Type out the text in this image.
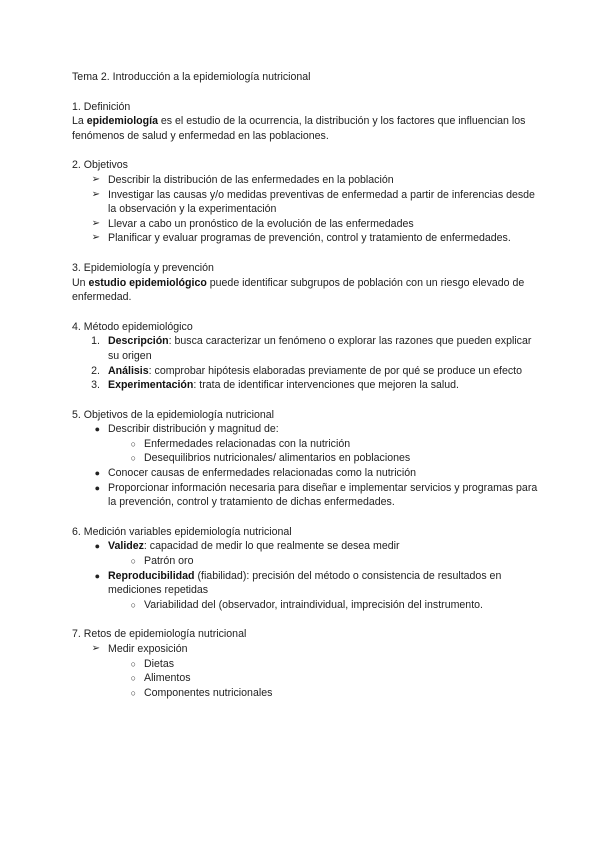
Tema 2. Introducción a la epidemiología nutricional

1. Definición

La epidemiología es el estudio de la ocurrencia, la distribución y los factores que influencian los fenómenos de salud y enfermedad en las poblaciones.

2. Objetivos

➢ Describir la distribución de las enfermedades en la población
➢ Investigar las causas y/o medidas preventivas de enfermedad a partir de inferencias desde la observación y la experimentación
➢ Llevar a cabo un pronóstico de la evolución de las enfermedades
➢ Planificar y evaluar programas de prevención, control y tratamiento de enfermedades.

3. Epidemiología y prevención

Un estudio epidemiológico puede identificar subgrupos de población con un riesgo elevado de enfermedad.

4. Método epidemiológico

1. Descripción: busca caracterizar un fenómeno o explorar las razones que pueden explicar su origen
2. Análisis: comprobar hipótesis elaboradas previamente de por qué se produce un efecto
3. Experimentación: trata de identificar intervenciones que mejoren la salud.

5. Objetivos de la epidemiología nutricional

● Describir distribución y magnitud de:
○ Enfermedades relacionadas con la nutrición
○ Desequilibrios nutricionales/ alimentarios en poblaciones
● Conocer causas de enfermedades relacionadas como la nutrición
● Proporcionar información necesaria para diseñar e implementar servicios y programas para la prevención, control y tratamiento de dichas enfermedades.

6. Medición variables epidemiología nutricional

● Validez: capacidad de medir lo que realmente se desea medir
○ Patrón oro
● Reproducibilidad (fiabilidad): precisión del método o consistencia de resultados en mediciones repetidas
○ Variabilidad del (observador, intraindividual, imprecisión del instrumento.

7. Retos de epidemiología nutricional

➢ Medir exposición
○ Dietas
○ Alimentos
○ Componentes nutricionales
